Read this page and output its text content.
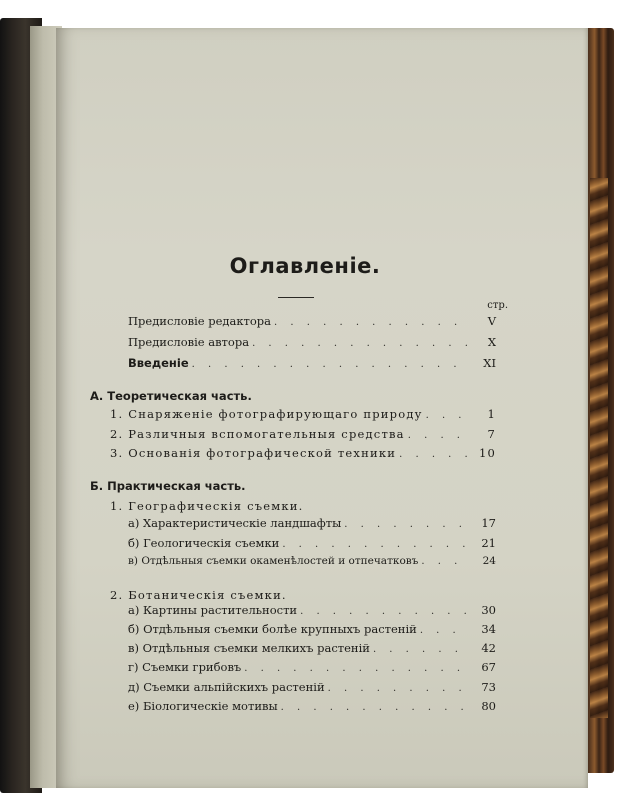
Оглавленіе.
стр.
Предисловіе редактора . . .	V
Предисловіе автора . . .	X
Введеніе . . .	XI
А. Теоретическая часть.
1. Снаряженіе фотографирующаго природу . . .	1
2. Различныя вспомогательныя средства . . .	7
3. Основанія фотографической техники . . .	10
Б. Практическая часть.
1. Географическія съемки.
а) Характеристическіе ландшафты . . .	17
б) Геологическія съемки . . .	21
в) Отдѣльныя съемки окаменѣлостей и отпечатковъ . . .	24
2. Ботаническія съемки.
а) Картины растительности . . .	30
б) Отдѣльныя съемки болѣе крупныхъ растеній . . .	34
в) Отдѣльныя съемки мелкихъ растеній . . .	42
г) Съемки грибовъ . . .	67
д) Съемки альпійскихъ растеній . . .	73
е) Біологическіе мотивы . . .	80
